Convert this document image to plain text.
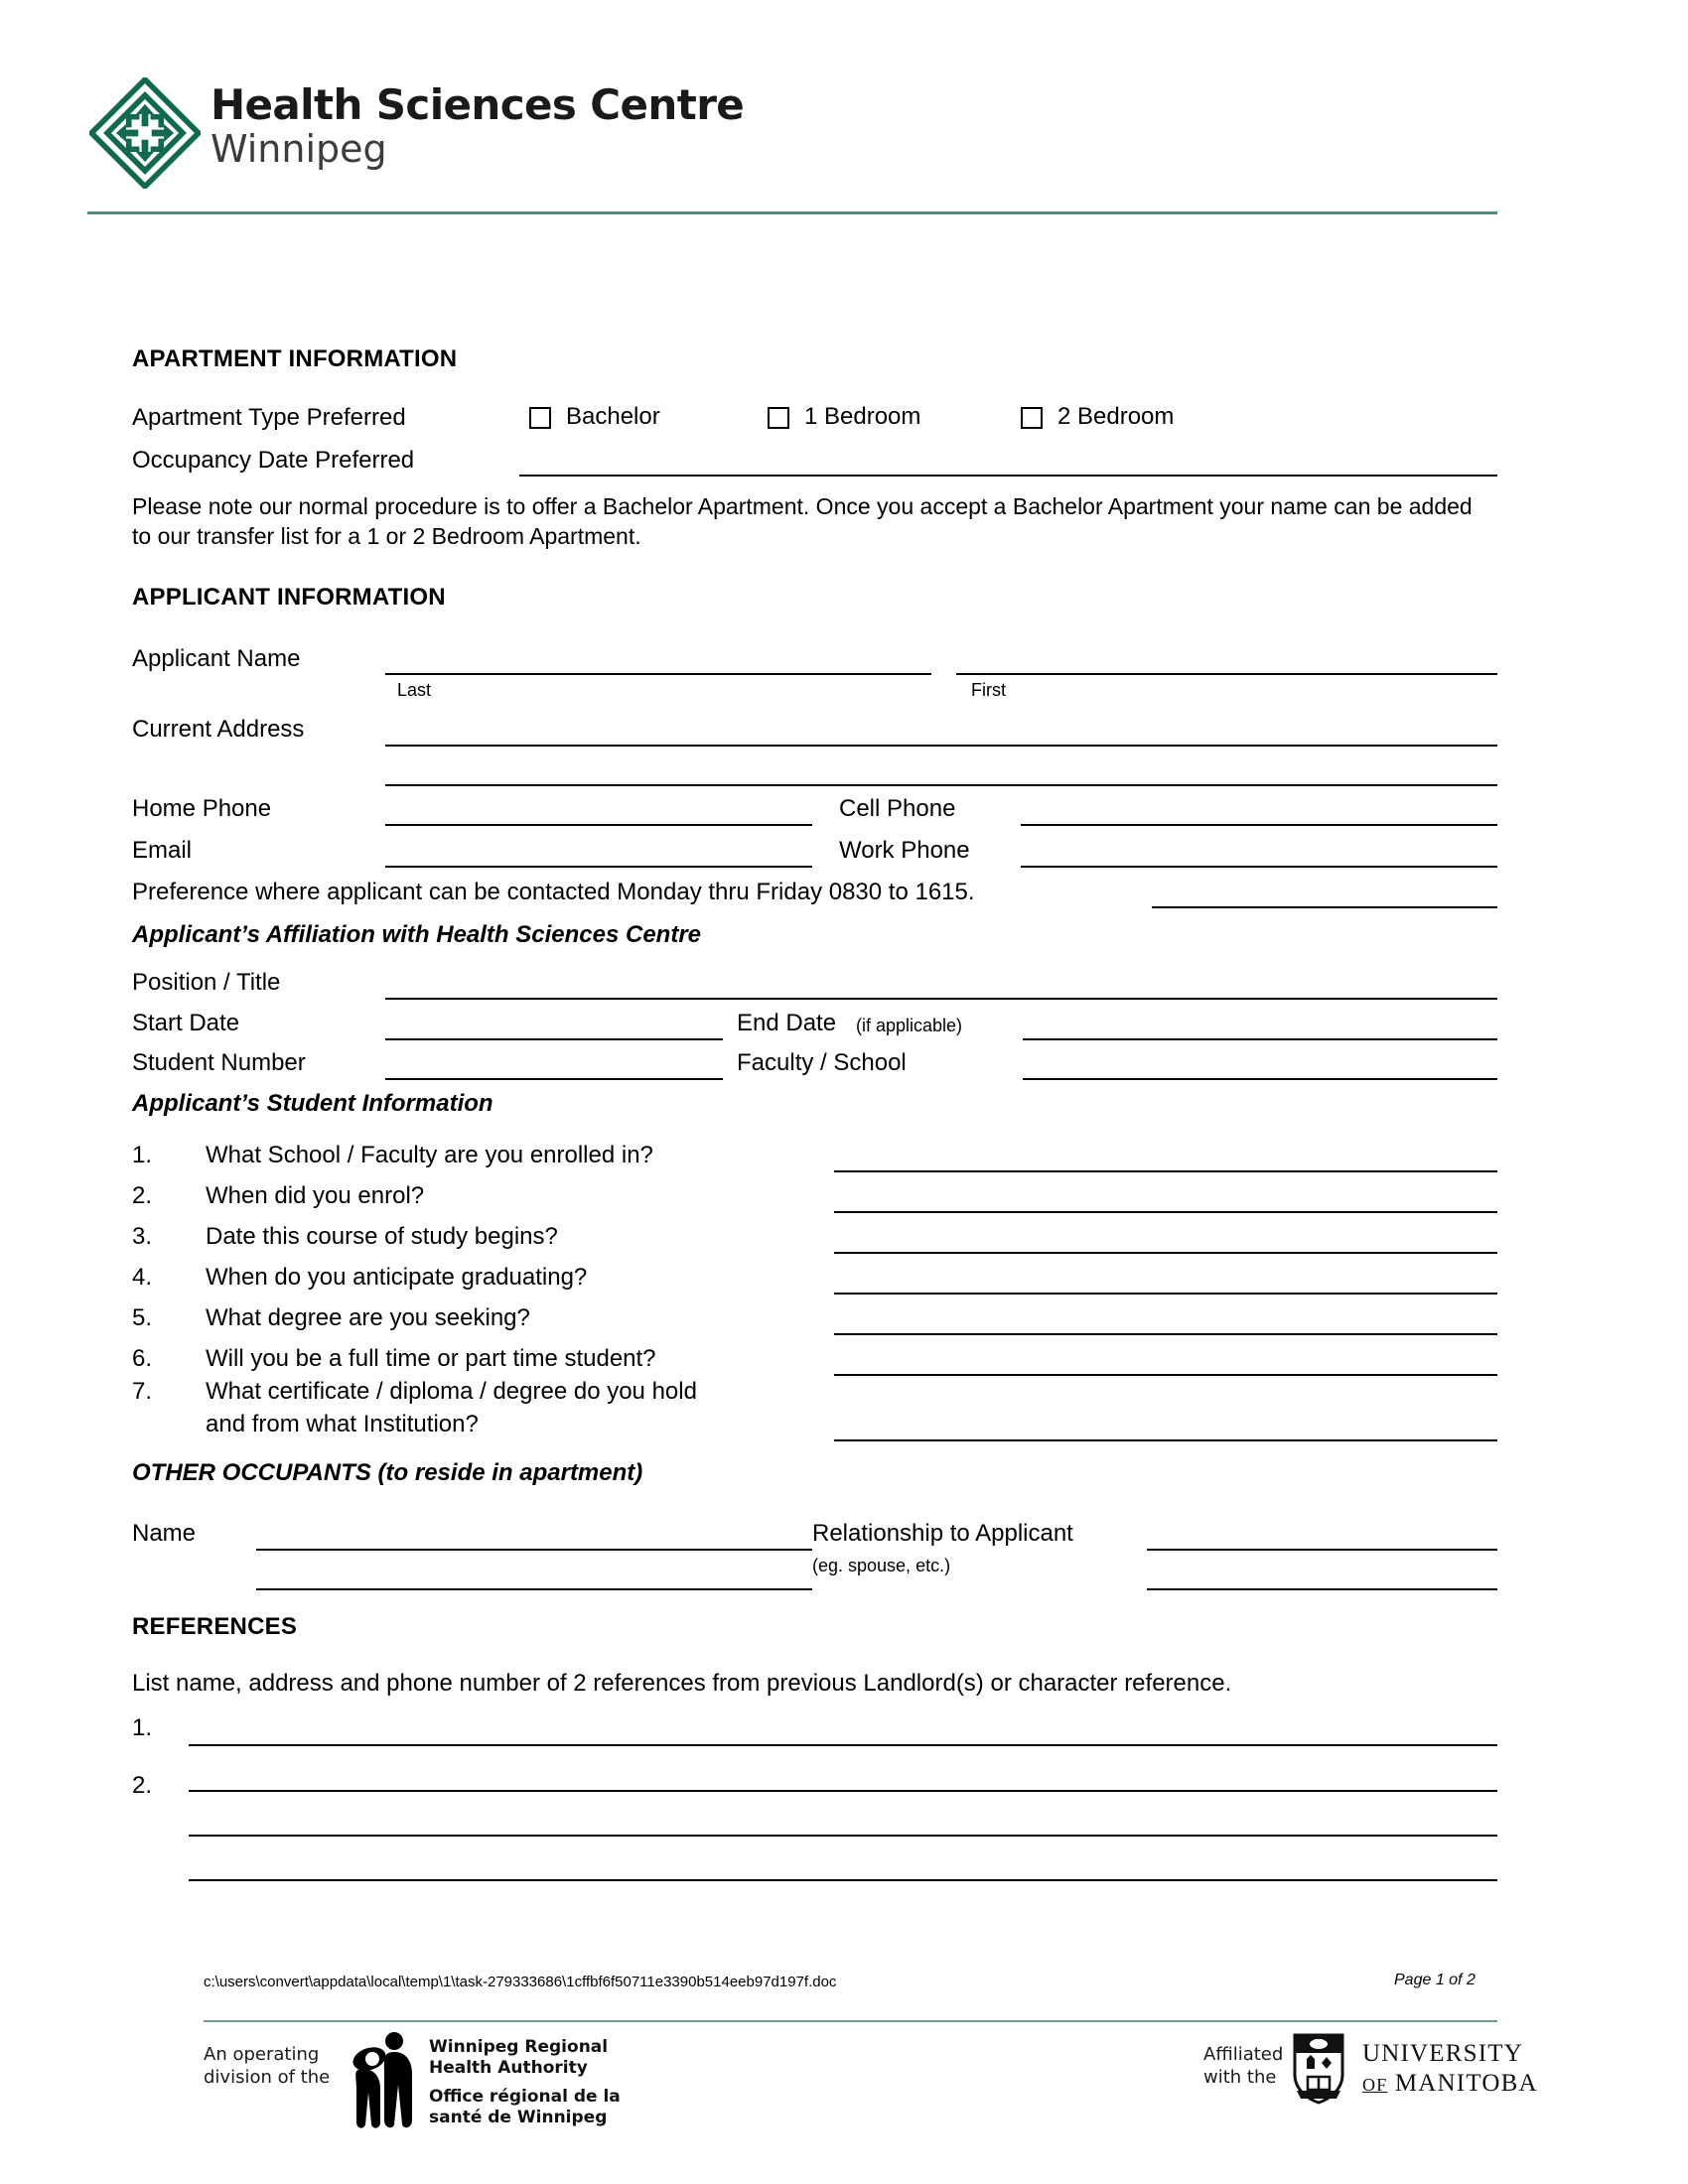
Health Sciences Centre
Winnipeg
APARTMENT INFORMATION
Apartment Type Preferred	Bachelor	1 Bedroom	2 Bedroom
Occupancy Date Preferred
Please note our normal procedure is to offer a Bachelor Apartment. Once you accept a Bachelor Apartment your name can be added to our transfer list for a 1 or 2 Bedroom Apartment.
APPLICANT INFORMATION
Applicant Name
Last	First
Current Address
Home Phone	Cell Phone
Email	Work Phone
Preference where applicant can be contacted Monday thru Friday 0830 to 1615.
Applicant’s Affiliation with Health Sciences Centre
Position / Title
Start Date	End Date (if applicable)
Student Number	Faculty / School
Applicant’s Student Information
1. What School / Faculty are you enrolled in?
2. When did you enrol?
3. Date this course of study begins?
4. When do you anticipate graduating?
5. What degree are you seeking?
6. Will you be a full time or part time student?
7. What certificate / diploma / degree do you hold
and from what Institution?
OTHER OCCUPANTS (to reside in apartment)
Name	Relationship to Applicant
(eg. spouse, etc.)
REFERENCES
List name, address and phone number of 2 references from previous Landlord(s) or character reference.
1.
2.
c:\users\convert\appdata\local\temp\1\task-279333686\1cffbf6f50711e3390b514eeb97d197f.doc	Page 1 of 2
An operating
division of the
Winnipeg Regional
Health Authority
Office régional de la
santé de Winnipeg
Affiliated
with the
UNIVERSITY
OF MANITOBA
